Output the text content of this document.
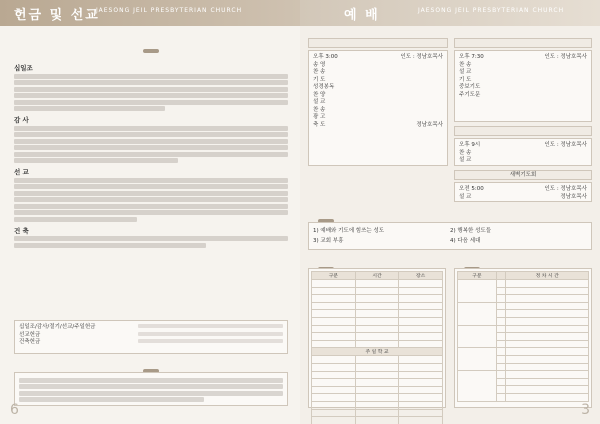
헌금 및 선교
JAESONG JEIL PRESBYTERIAN CHURCH
십일조
감 사
선 교
건 축
십일조/감사/절기/선교/주일헌금
선교헌금
건축헌금
6
예 배	JAESONG JEIL PRESBYTERIAN CHURCH
오후 3:00	인도 : 정남호목사
송 영
찬 송
기 도
성경봉독
찬 양
설 교
찬 송
광 고
축 도	정남호목사
오후 7:30	인도 : 정남호목사
찬 송
설 교
기 도
중보기도
주기도문
오후 9시	인도 : 정남호목사
찬 송
설 교
새벽기도회
오전 5:00	인도 : 정남호목사
설 교	정남호목사
1) 예배와 기도에 힘쓰는 성도	2) 행복한 성도들
3) 교회 부흥	4) 다음 세대
구분	시간	장소

주 일 학 교		

구분		정 차 시 간

3
